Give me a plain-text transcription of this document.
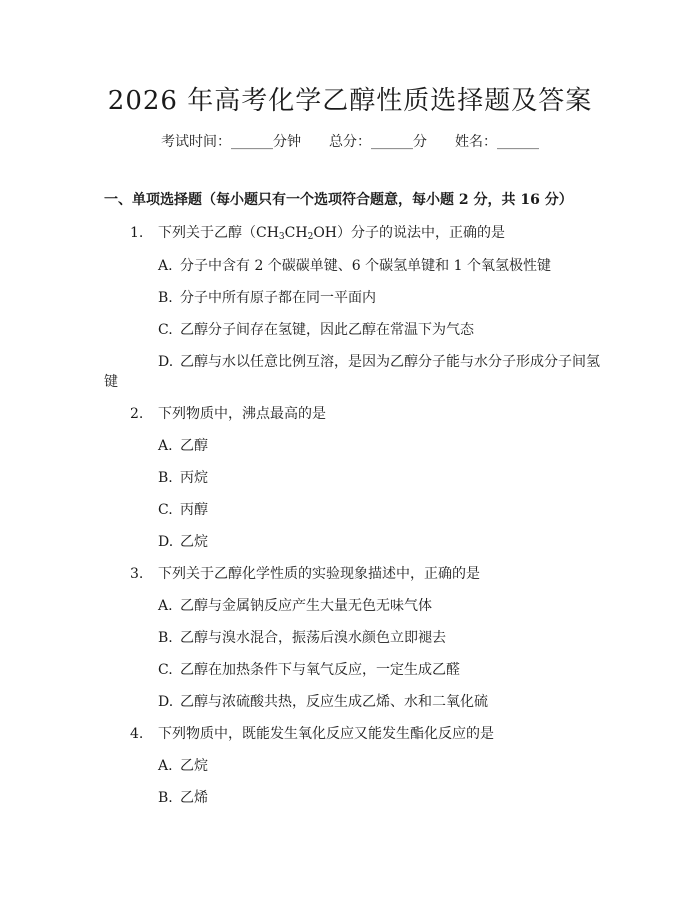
2026 年高考化学乙醇性质选择题及答案
考试时间：______分钟 总分：______分 姓名：______
一、单项选择题（每小题只有一个选项符合题意，每小题 2 分，共 16 分）
1. 下列关于乙醇$(CH_3CH_2OH)$分子的说法中，正确的是
A. 分子中含有 2 个碳碳单键、6 个碳氢单键和 1 个氧氢极性键
B. 分子中所有原子都在同一平面内
C. 乙醇分子间存在氢键，因此乙醇在常温下为气态
D. 乙醇与水以任意比例互溶，是因为乙醇分子能与水分子形成分子间氢
键
2. 下列物质中，沸点最高的是
A. 乙醇
B. 丙烷
C. 丙醇
D. 乙烷
3. 下列关于乙醇化学性质的实验现象描述中，正确的是
A. 乙醇与金属钠反应产生大量无色无味气体
B. 乙醇与溴水混合，振荡后溴水颜色立即褪去
C. 乙醇在加热条件下与氧气反应，一定生成乙醛
D. 乙醇与浓硫酸共热，反应生成乙烯、水和二氧化硫
4. 下列物质中，既能发生氧化反应又能发生酯化反应的是
A. 乙烷
B. 乙烯
